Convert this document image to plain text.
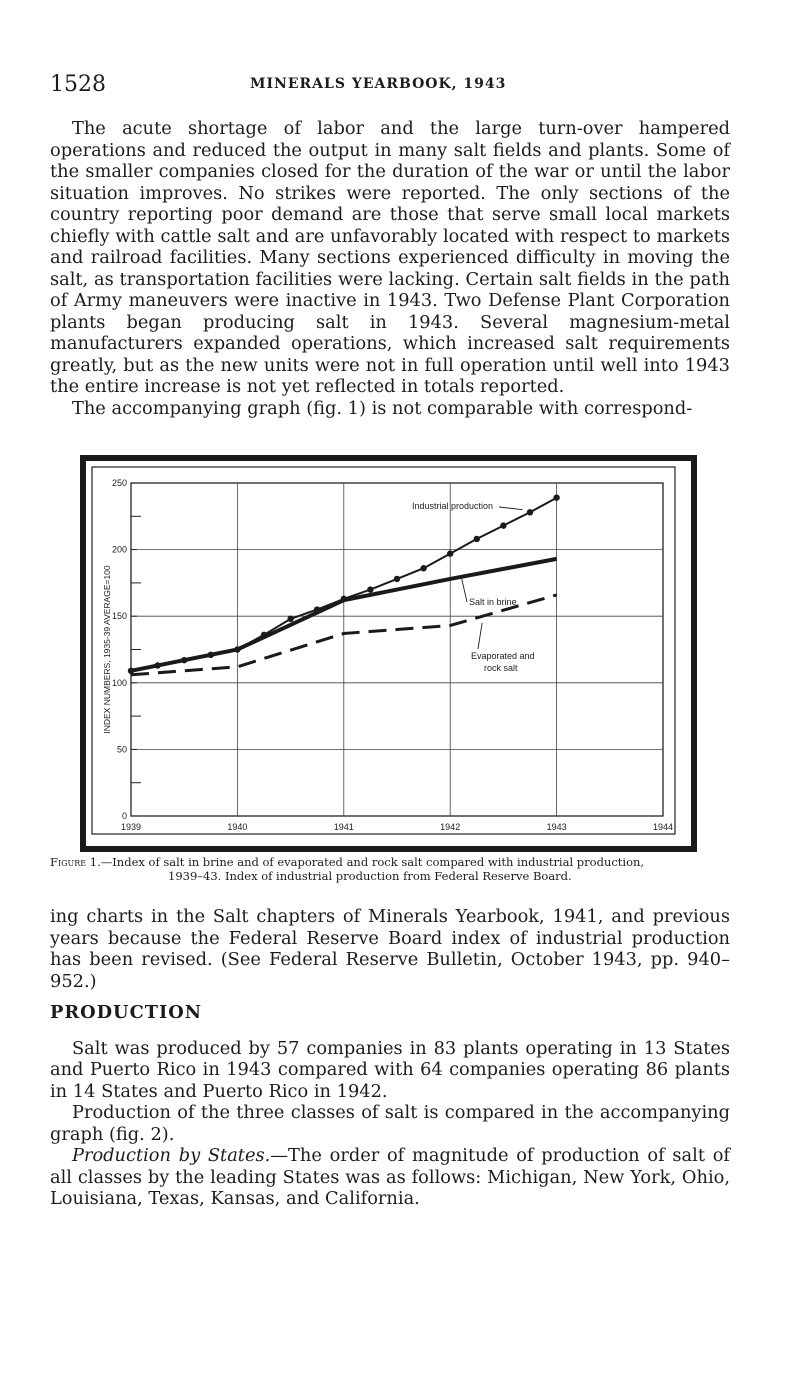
1528	MINERALS YEARBOOK, 1943

The acute shortage of labor and the large turn-over hampered operations and reduced the output in many salt fields and plants. Some of the smaller companies closed for the duration of the war or until the labor situation improves. No strikes were reported. The only sections of the country reporting poor demand are those that serve small local markets chiefly with cattle salt and are unfavorably located with respect to markets and railroad facilities. Many sections experienced difficulty in moving the salt, as transportation facilities were lacking. Certain salt fields in the path of Army maneuvers were inactive in 1943. Two Defense Plant Corporation plants began producing salt in 1943. Several magnesium-metal manufacturers expanded operations, which increased salt requirements greatly, but as the new units were not in full operation until well into 1943 the entire increase is not yet reflected in totals reported.

The accompanying graph (fig. 1) is not comparable with correspond-

1939	1940	1941	1942	1943	1944
0
50
100
150
200
250
INDEX NUMBERS, 1935-39 AVERAGE=100
Industrial production
Salt in brine
Evaporated and
rock salt
Figure 1.—Index of salt in brine and of evaporated and rock salt compared with industrial production,
1939–43. Index of industrial production from Federal Reserve Board.

ing charts in the Salt chapters of Minerals Yearbook, 1941, and previous years because the Federal Reserve Board index of industrial production has been revised. (See Federal Reserve Bulletin, October 1943, pp. 940–952.)

PRODUCTION

Salt was produced by 57 companies in 83 plants operating in 13 States and Puerto Rico in 1943 compared with 64 companies operating 86 plants in 14 States and Puerto Rico in 1942.

Production of the three classes of salt is compared in the accompanying graph (fig. 2).

Production by States.—The order of magnitude of production of salt of all classes by the leading States was as follows: Michigan, New York, Ohio, Louisiana, Texas, Kansas, and California.
